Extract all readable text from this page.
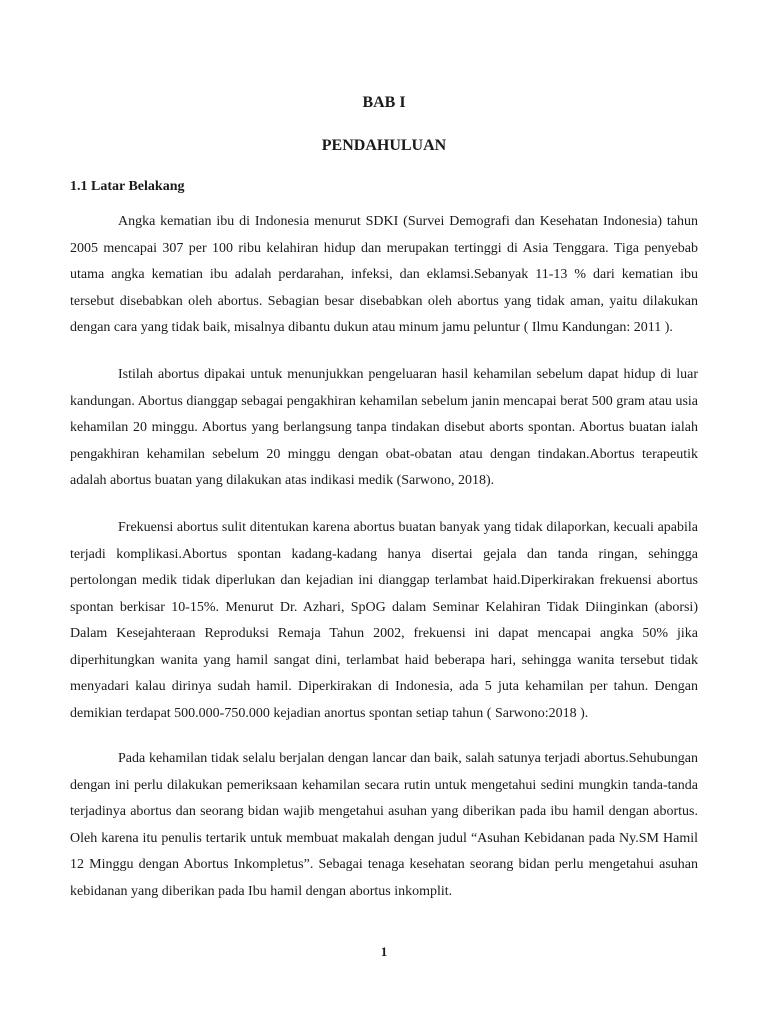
BAB I
PENDAHULUAN
1.1 Latar Belakang

Angka kematian ibu di Indonesia menurut SDKI (Survei Demografi dan Kesehatan Indonesia) tahun 2005 mencapai 307 per 100 ribu kelahiran hidup dan merupakan tertinggi di Asia Tenggara. Tiga penyebab utama angka kematian ibu adalah perdarahan, infeksi, dan eklamsi.Sebanyak 11-13 % dari kematian ibu tersebut disebabkan oleh abortus. Sebagian besar disebabkan oleh abortus yang tidak aman, yaitu dilakukan dengan cara yang tidak baik, misalnya dibantu dukun atau minum jamu peluntur ( Ilmu Kandungan: 2011 ).

Istilah abortus dipakai untuk menunjukkan pengeluaran hasil kehamilan sebelum dapat hidup di luar kandungan. Abortus dianggap sebagai pengakhiran kehamilan sebelum janin mencapai berat 500 gram atau usia kehamilan 20 minggu. Abortus yang berlangsung tanpa tindakan disebut aborts spontan. Abortus buatan ialah pengakhiran kehamilan sebelum 20 minggu dengan obat-obatan atau dengan tindakan.Abortus terapeutik adalah abortus buatan yang dilakukan atas indikasi medik (Sarwono, 2018).

Frekuensi abortus sulit ditentukan karena abortus buatan banyak yang tidak dilaporkan, kecuali apabila terjadi komplikasi.Abortus spontan kadang-kadang hanya disertai gejala dan tanda ringan, sehingga pertolongan medik tidak diperlukan dan kejadian ini dianggap terlambat haid.Diperkirakan frekuensi abortus spontan berkisar 10-15%. Menurut Dr. Azhari, SpOG dalam Seminar Kelahiran Tidak Diinginkan (aborsi) Dalam Kesejahteraan Reproduksi Remaja Tahun 2002, frekuensi ini dapat mencapai angka 50% jika diperhitungkan wanita yang hamil sangat dini, terlambat haid beberapa hari, sehingga wanita tersebut tidak menyadari kalau dirinya sudah hamil. Diperkirakan di Indonesia, ada 5 juta kehamilan per tahun. Dengan demikian terdapat 500.000-750.000 kejadian anortus spontan setiap tahun ( Sarwono:2018 ).

Pada kehamilan tidak selalu berjalan dengan lancar dan baik, salah satunya terjadi abortus.Sehubungan dengan ini perlu dilakukan pemeriksaan kehamilan secara rutin untuk mengetahui sedini mungkin tanda-tanda terjadinya abortus dan seorang bidan wajib mengetahui asuhan yang diberikan pada ibu hamil dengan abortus. Oleh karena itu penulis tertarik untuk membuat makalah dengan judul “Asuhan Kebidanan pada Ny.SM Hamil 12 Minggu dengan Abortus Inkompletus”. Sebagai tenaga kesehatan seorang bidan perlu mengetahui asuhan kebidanan yang diberikan pada Ibu hamil dengan abortus inkomplit.

1
